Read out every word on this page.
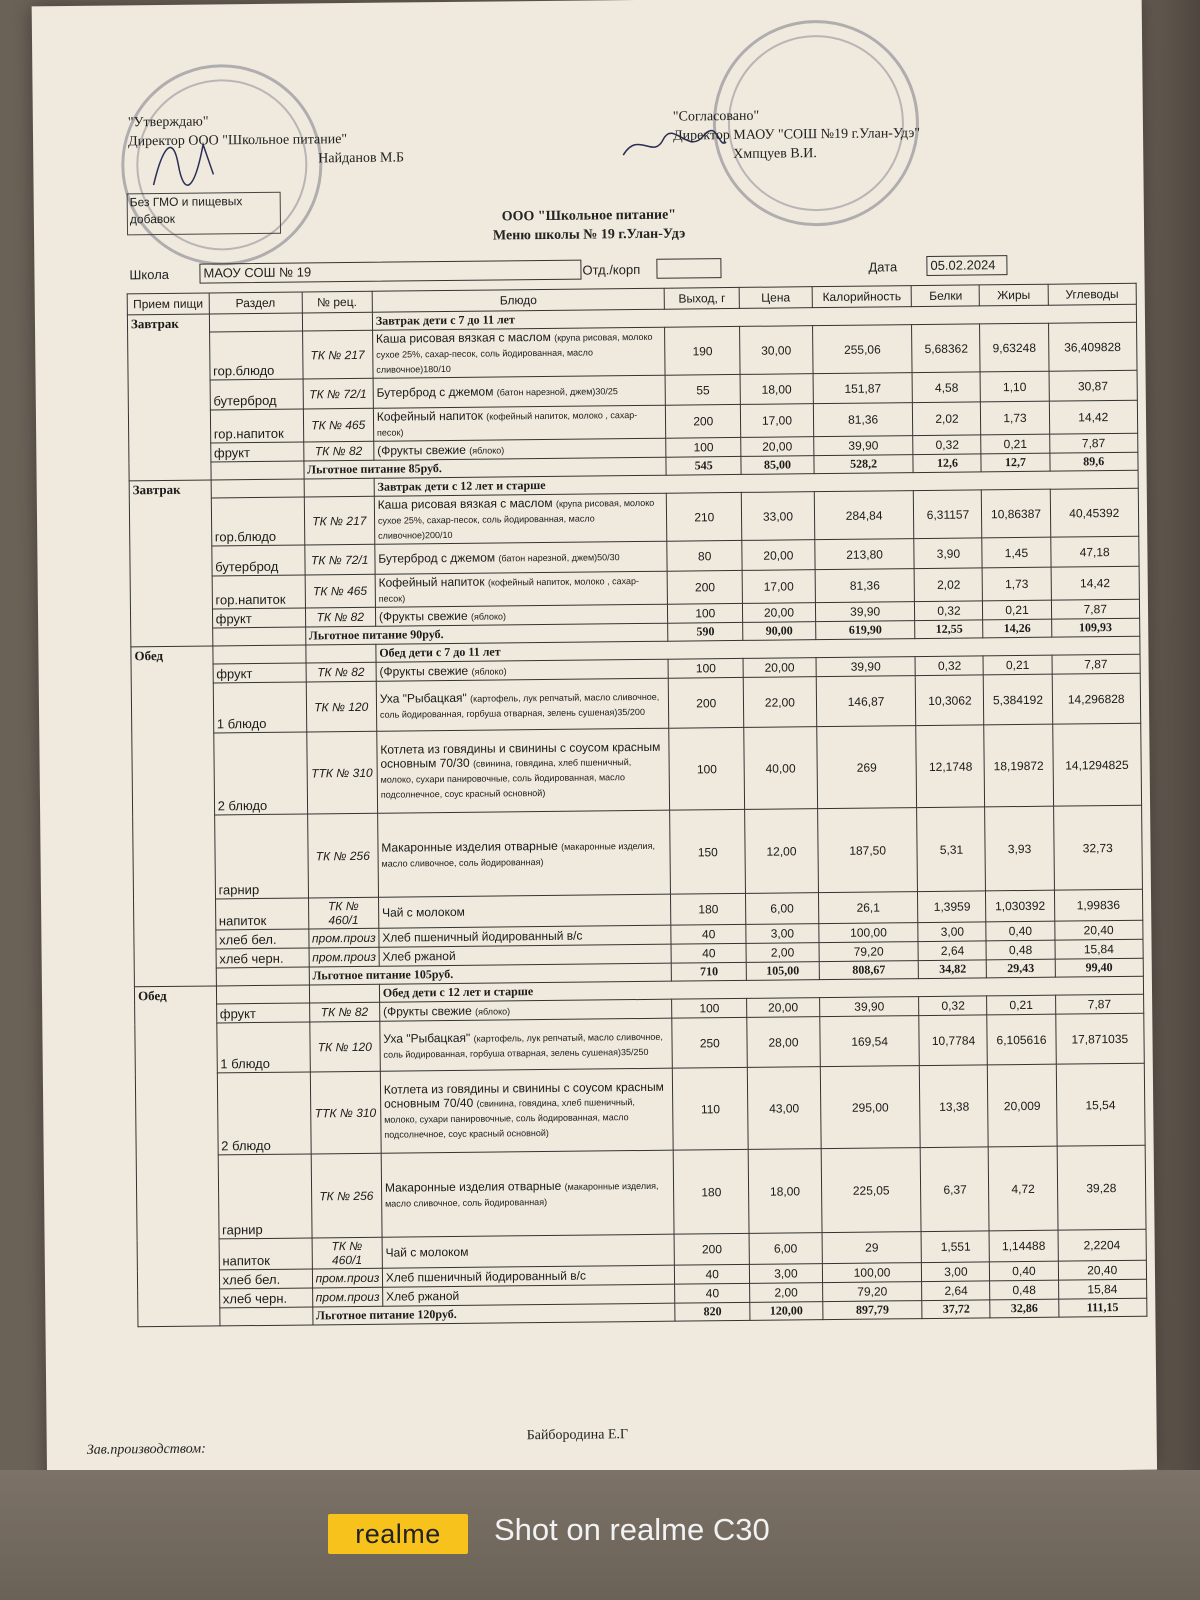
"Утверждаю"
Директор ООО "Школьное питание"
Найданов М.Б
"Согласовано"
Директор МАОУ "СОШ №19 г.Улан-Удэ"
Хмпцуев В.И.
Без ГМО и пищевых добавок	ООО "Школьное питание"
Меню школы № 19 г.Улан-Удэ
Школа	МАОУ СОШ № 19	Отд./корп	Дата	05.02.2024
Прием пищи	Раздел	№ рец.	Блюдо	Выход, г	Цена	Калорийность	Белки	Жиры	Углеводы
Завтрак			Завтрак дети с 7 до 11 лет						
	гор.блюдо	ТК № 217	Каша рисовая вязкая с маслом (крупа рисовая, молоко сухое 25%, сахар-песок, соль йодированная, масло сливочное)180/10	190	30,00	255,06	5,68362	9,63248	36,409828
	бутерброд	ТК № 72/1	Бутерброд с джемом (батон нарезной, джем)30/25	55	18,00	151,87	4,58	1,10	30,87
	гор.напиток	ТК № 465	Кофейный напиток (кофейный напиток, молоко , сахар-песок)	200	17,00	81,36	2,02	1,73	14,42
	фрукт	ТК № 82	(Фрукты свежие (яблоко)	100	20,00	39,90	0,32	0,21	7,87
		Льготное питание 85руб.		545	85,00	528,2	12,6	12,7	89,6
Завтрак			Завтрак дети с 12 лет и старше						
	гор.блюдо	ТК № 217	Каша рисовая вязкая с маслом (крупа рисовая, молоко сухое 25%, сахар-песок, соль йодированная, масло сливочное)200/10	210	33,00	284,84	6,31157	10,86387	40,45392
	бутерброд	ТК № 72/1	Бутерброд с джемом (батон нарезной, джем)50/30	80	20,00	213,80	3,90	1,45	47,18
	гор.напиток	ТК № 465	Кофейный напиток (кофейный напиток, молоко , сахар-песок)	200	17,00	81,36	2,02	1,73	14,42
	фрукт	ТК № 82	(Фрукты свежие (яблоко)	100	20,00	39,90	0,32	0,21	7,87
		Льготное питание 90руб.		590	90,00	619,90	12,55	14,26	109,93
Обед			Обед дети с 7 до 11 лет						
	фрукт	ТК № 82	(Фрукты свежие (яблоко)	100	20,00	39,90	0,32	0,21	7,87
	1 блюдо	ТК № 120	Уха "Рыбацкая" (картофель, лук репчатый, масло сливочное, соль йодированная, горбуша отварная, зелень сушеная)35/200	200	22,00	146,87	10,3062	5,384192	14,296828
	2 блюдо	ТТК № 310	Котлета из говядины и свинины с соусом красным основным 70/30 (свинина, говядина, хлеб пшеничный, молоко, сухари панировочные, соль йодированная, масло подсолнечное, соус красный основной)	100	40,00	269	12,1748	18,19872	14,1294825
	гарнир	ТК № 256	Макаронные изделия отварные (макаронные изделия, масло сливочное, соль йодированная)	150	12,00	187,50	5,31	3,93	32,73
	напиток	ТК № 460/1	Чай с молоком	180	6,00	26,1	1,3959	1,030392	1,99836
	хлеб бел.	пром.произ	Хлеб пшеничный йодированный в/с	40	3,00	100,00	3,00	0,40	20,40
	хлеб черн.	пром.произ	Хлеб ржаной	40	2,00	79,20	2,64	0,48	15,84
		Льготное питание 105руб.		710	105,00	808,67	34,82	29,43	99,40
Обед			Обед дети с 12 лет и старше						
	фрукт	ТК № 82	(Фрукты свежие (яблоко)	100	20,00	39,90	0,32	0,21	7,87
	1 блюдо	ТК № 120	Уха "Рыбацкая" (картофель, лук репчатый, масло сливочное, соль йодированная, горбуша отварная, зелень сушеная)35/250	250	28,00	169,54	10,7784	6,105616	17,871035
	2 блюдо	ТТК № 310	Котлета из говядины и свинины с соусом красным основным 70/40 (свинина, говядина, хлеб пшеничный, молоко, сухари панировочные, соль йодированная, масло подсолнечное, соус красный основной)	110	43,00	295,00	13,38	20,009	15,54
	гарнир	ТК № 256	Макаронные изделия отварные (макаронные изделия, масло сливочное, соль йодированная)	180	18,00	225,05	6,37	4,72	39,28
	напиток	ТК № 460/1	Чай с молоком	200	6,00	29	1,551	1,14488	2,2204
	хлеб бел.	пром.произ	Хлеб пшеничный йодированный в/с	40	3,00	100,00	3,00	0,40	20,40
	хлеб черн.	пром.произ	Хлеб ржаной	40	2,00	79,20	2,64	0,48	15,84
		Льготное питание 120руб.		820	120,00	897,79	37,72	32,86	111,15
Зав.производством:
Байбородина Е.Г
realme	Shot on realme C30
